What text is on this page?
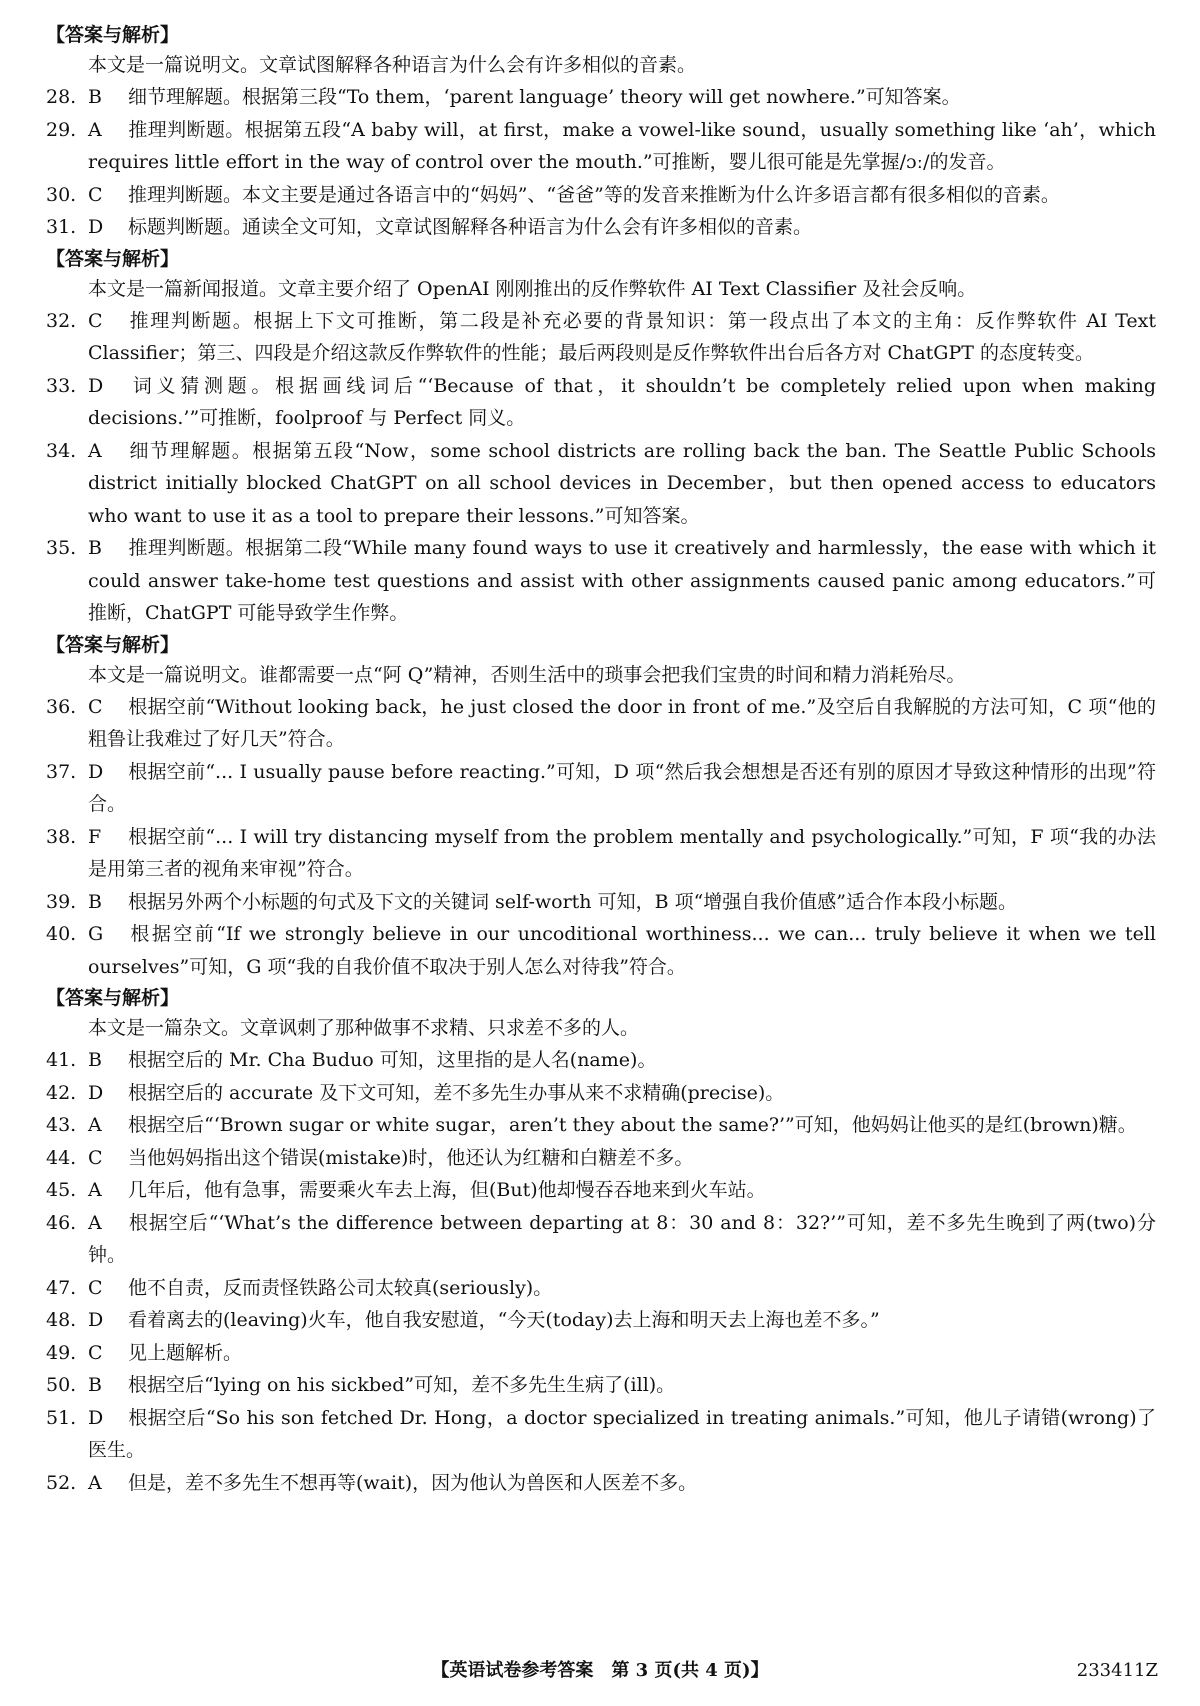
【答案与解析】
本文是一篇说明文。文章试图解释各种语言为什么会有许多相似的音素。
28. B 细节理解题。根据第三段“To them，‘parent language’ theory will get nowhere.”可知答案。
29. A 推理判断题。根据第五段“A baby will，at first，make a vowel-like sound，usually something like ‘ah’，which requires little effort in the way of control over the mouth.”可推断，婴儿很可能是先掌握/ɔː/的发音。
30. C 推理判断题。本文主要是通过各语言中的“妈妈”、“爸爸”等的发音来推断为什么许多语言都有很多相似的音素。
31. D 标题判断题。通读全文可知，文章试图解释各种语言为什么会有许多相似的音素。
【答案与解析】
本文是一篇新闻报道。文章主要介绍了 OpenAI 刚刚推出的反作弊软件 AI Text Classifier 及社会反响。
32. C 推理判断题。根据上下文可推断，第二段是补充必要的背景知识：第一段点出了本文的主角：反作弊软件 AI Text Classifier；第三、四段是介绍这款反作弊软件的性能；最后两段则是反作弊软件出台后各方对 ChatGPT 的态度转变。
33. D 词义猜测题。根据画线词后“‘Because of that，it shouldn’t be completely relied upon when making decisions.’”可推断，foolproof 与 Perfect 同义。
34. A 细节理解题。根据第五段“Now，some school districts are rolling back the ban. The Seattle Public Schools district initially blocked ChatGPT on all school devices in December，but then opened access to educators who want to use it as a tool to prepare their lessons.”可知答案。
35. B 推理判断题。根据第二段“While many found ways to use it creatively and harmlessly，the ease with which it could answer take-home test questions and assist with other assignments caused panic among educators.”可推断，ChatGPT 可能导致学生作弊。
【答案与解析】
本文是一篇说明文。谁都需要一点“阿 Q”精神，否则生活中的琐事会把我们宝贵的时间和精力消耗殆尽。
36. C 根据空前“Without looking back，he just closed the door in front of me.”及空后自我解脱的方法可知，C 项“他的粗鲁让我难过了好几天”符合。
37. D 根据空前“... I usually pause before reacting.”可知，D 项“然后我会想想是否还有别的原因才导致这种情形的出现”符合。
38. F 根据空前“... I will try distancing myself from the problem mentally and psychologically.”可知，F 项“我的办法是用第三者的视角来审视”符合。
39. B 根据另外两个小标题的句式及下文的关键词 self-worth 可知，B 项“增强自我价值感”适合作本段小标题。
40. G 根据空前“If we strongly believe in our uncoditional worthiness... we can... truly believe it when we tell ourselves”可知，G 项“我的自我价值不取决于别人怎么对待我”符合。
【答案与解析】
本文是一篇杂文。文章讽刺了那种做事不求精、只求差不多的人。
41. B 根据空后的 Mr. Cha Buduo 可知，这里指的是人名(name)。
42. D 根据空后的 accurate 及下文可知，差不多先生办事从来不求精确(precise)。
43. A 根据空后“‘Brown sugar or white sugar，aren’t they about the same?’”可知，他妈妈让他买的是红(brown)糖。
44. C 当他妈妈指出这个错误(mistake)时，他还认为红糖和白糖差不多。
45. A 几年后，他有急事，需要乘火车去上海，但(But)他却慢吞吞地来到火车站。
46. A 根据空后“‘What’s the difference between departing at 8：30 and 8：32?’”可知，差不多先生晚到了两(two)分钟。
47. C 他不自责，反而责怪铁路公司太较真(seriously)。
48. D 看着离去的(leaving)火车，他自我安慰道，“今天(today)去上海和明天去上海也差不多。”
49. C 见上题解析。
50. B 根据空后“lying on his sickbed”可知，差不多先生生病了(ill)。
51. D 根据空后“So his son fetched Dr. Hong，a doctor specialized in treating animals.”可知，他儿子请错(wrong)了医生。
52. A 但是，差不多先生不想再等(wait)，因为他认为兽医和人医差不多。
【英语试卷参考答案　第 3 页(共 4 页)】	233411Z
